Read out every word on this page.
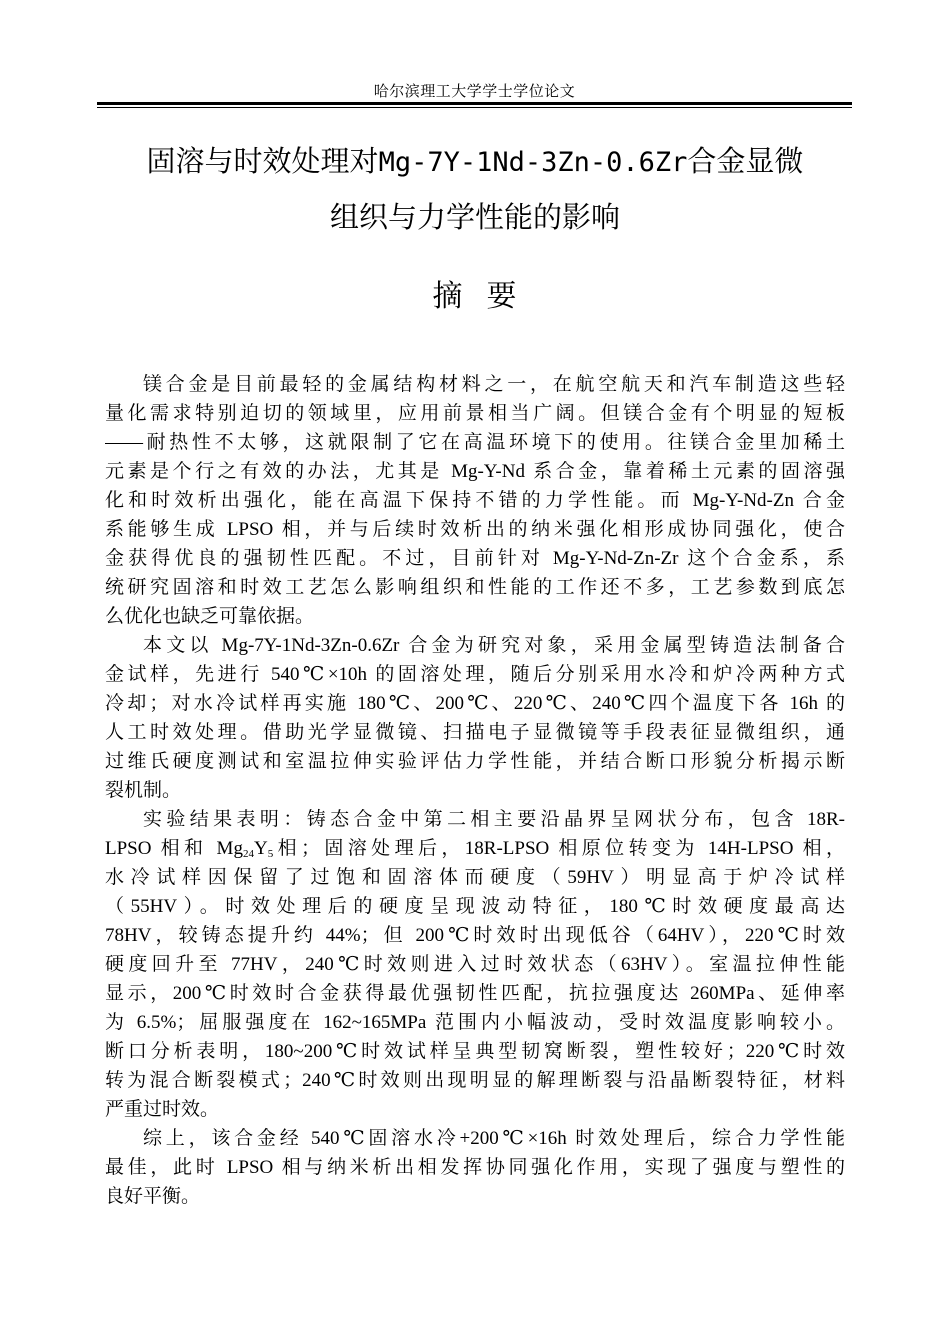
哈尔滨理工大学学士学位论文
固溶与时效处理对Mg-7Y-1Nd-3Zn-0.6Zr合金显微
组织与力学性能的影响
摘要
镁合金是目前最轻的金属结构材料之一，在航空航天和汽车制造这些轻
量化需求特别迫切的领域里，应用前景相当广阔。但镁合金有个明显的短板
——耐热性不太够，这就限制了它在高温环境下的使用。往镁合金里加稀土
元素是个行之有效的办法，尤其是 Mg-Y-Nd 系合金，靠着稀土元素的固溶强
化和时效析出强化，能在高温下保持不错的力学性能。而 Mg-Y-Nd-Zn 合金
系能够生成 LPSO 相，并与后续时效析出的纳米强化相形成协同强化，使合
金获得优良的强韧性匹配。不过，目前针对 Mg-Y-Nd-Zn-Zr 这个合金系，系
统研究固溶和时效工艺怎么影响组织和性能的工作还不多，工艺参数到底怎
么优化也缺乏可靠依据。
本文以 Mg-7Y-1Nd-3Zn-0.6Zr 合金为研究对象，采用金属型铸造法制备合
金试样，先进行 540℃×10h 的固溶处理，随后分别采用水冷和炉冷两种方式
冷却；对水冷试样再实施 180℃、200℃、220℃、240℃四个温度下各 16h 的
人工时效处理。借助光学显微镜、扫描电子显微镜等手段表征显微组织，通
过维氏硬度测试和室温拉伸实验评估力学性能，并结合断口形貌分析揭示断
裂机制。
实验结果表明：铸态合金中第二相主要沿晶界呈网状分布，包含 18R-
LPSO 相和 $Mg_{24}Y_5$相；固溶处理后，18R-LPSO 相原位转变为 14H-LPSO 相，
水冷试样因保留了过饱和固溶体而硬度（59HV）明显高于炉冷试样
（55HV）。时效处理后的硬度呈现波动特征，180℃时效硬度最高达
78HV，较铸态提升约 44%；但 200℃时效时出现低谷（64HV），220℃时效
硬度回升至 77HV，240℃时效则进入过时效状态（63HV）。室温拉伸性能
显示，200℃时效时合金获得最优强韧性匹配，抗拉强度达 260MPa、延伸率
为 6.5%；屈服强度在 162~165MPa 范围内小幅波动，受时效温度影响较小。
断口分析表明，180~200℃时效试样呈典型韧窝断裂，塑性较好；220℃时效
转为混合断裂模式；240℃时效则出现明显的解理断裂与沿晶断裂特征，材料
严重过时效。
综上，该合金经 540℃固溶水冷+200℃×16h 时效处理后，综合力学性能
最佳，此时 LPSO 相与纳米析出相发挥协同强化作用，实现了强度与塑性的
良好平衡。
